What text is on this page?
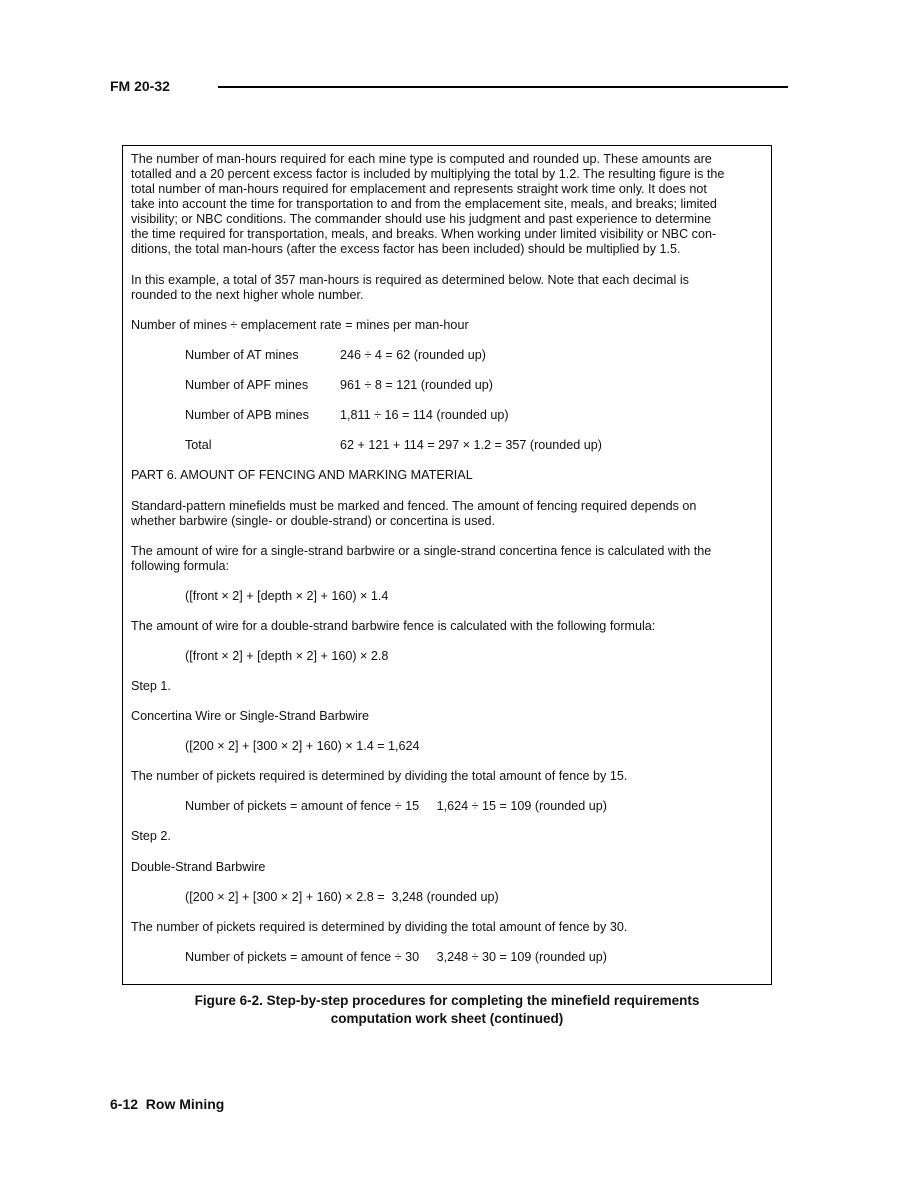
FM 20-32
The number of man-hours required for each mine type is computed and rounded up. These amounts are
totalled and a 20 percent excess factor is included by multiplying the total by 1.2. The resulting figure is the
total number of man-hours required for emplacement and represents straight work time only. It does not
take into account the time for transportation to and from the emplacement site, meals, and breaks; limited
visibility; or NBC conditions. The commander should use his judgment and past experience to determine
the time required for transportation, meals, and breaks. When working under limited visibility or NBC con-
ditions, the total man-hours (after the excess factor has been included) should be multiplied by 1.5.
In this example, a total of 357 man-hours is required as determined below. Note that each decimal is
rounded to the next higher whole number.
Number of mines ÷ emplacement rate = mines per man-hour
Number of AT mines	246 ÷ 4 = 62 (rounded up)
Number of APF mines	961 ÷ 8 = 121 (rounded up)
Number of APB mines 1,811 ÷ 16 = 114 (rounded up)
Total	62 + 121 + 114 = 297 × 1.2 = 357 (rounded up)
PART 6. AMOUNT OF FENCING AND MARKING MATERIAL
Standard-pattern minefields must be marked and fenced. The amount of fencing required depends on
whether barbwire (single- or double-strand) or concertina is used.
The amount of wire for a single-strand barbwire or a single-strand concertina fence is calculated with the
following formula:
([front × 2] + [depth × 2] + 160) × 1.4
The amount of wire for a double-strand barbwire fence is calculated with the following formula:
([front × 2] + [depth × 2] + 160) × 2.8
Step 1.
Concertina Wire or Single-Strand Barbwire
([200 × 2] + [300 × 2] + 160) × 1.4 = 1,624
The number of pickets required is determined by dividing the total amount of fence by 15.
Number of pickets = amount of fence ÷ 15     1,624 ÷ 15 = 109 (rounded up)
Step 2.
Double-Strand Barbwire
([200 × 2] + [300 × 2] + 160) × 2.8 =  3,248 (rounded up)
The number of pickets required is determined by dividing the total amount of fence by 30.
Number of pickets = amount of fence ÷ 30     3,248 ÷ 30 = 109 (rounded up)
Figure 6-2. Step-by-step procedures for completing the minefield requirements
computation work sheet (continued)
6-12  Row Mining
